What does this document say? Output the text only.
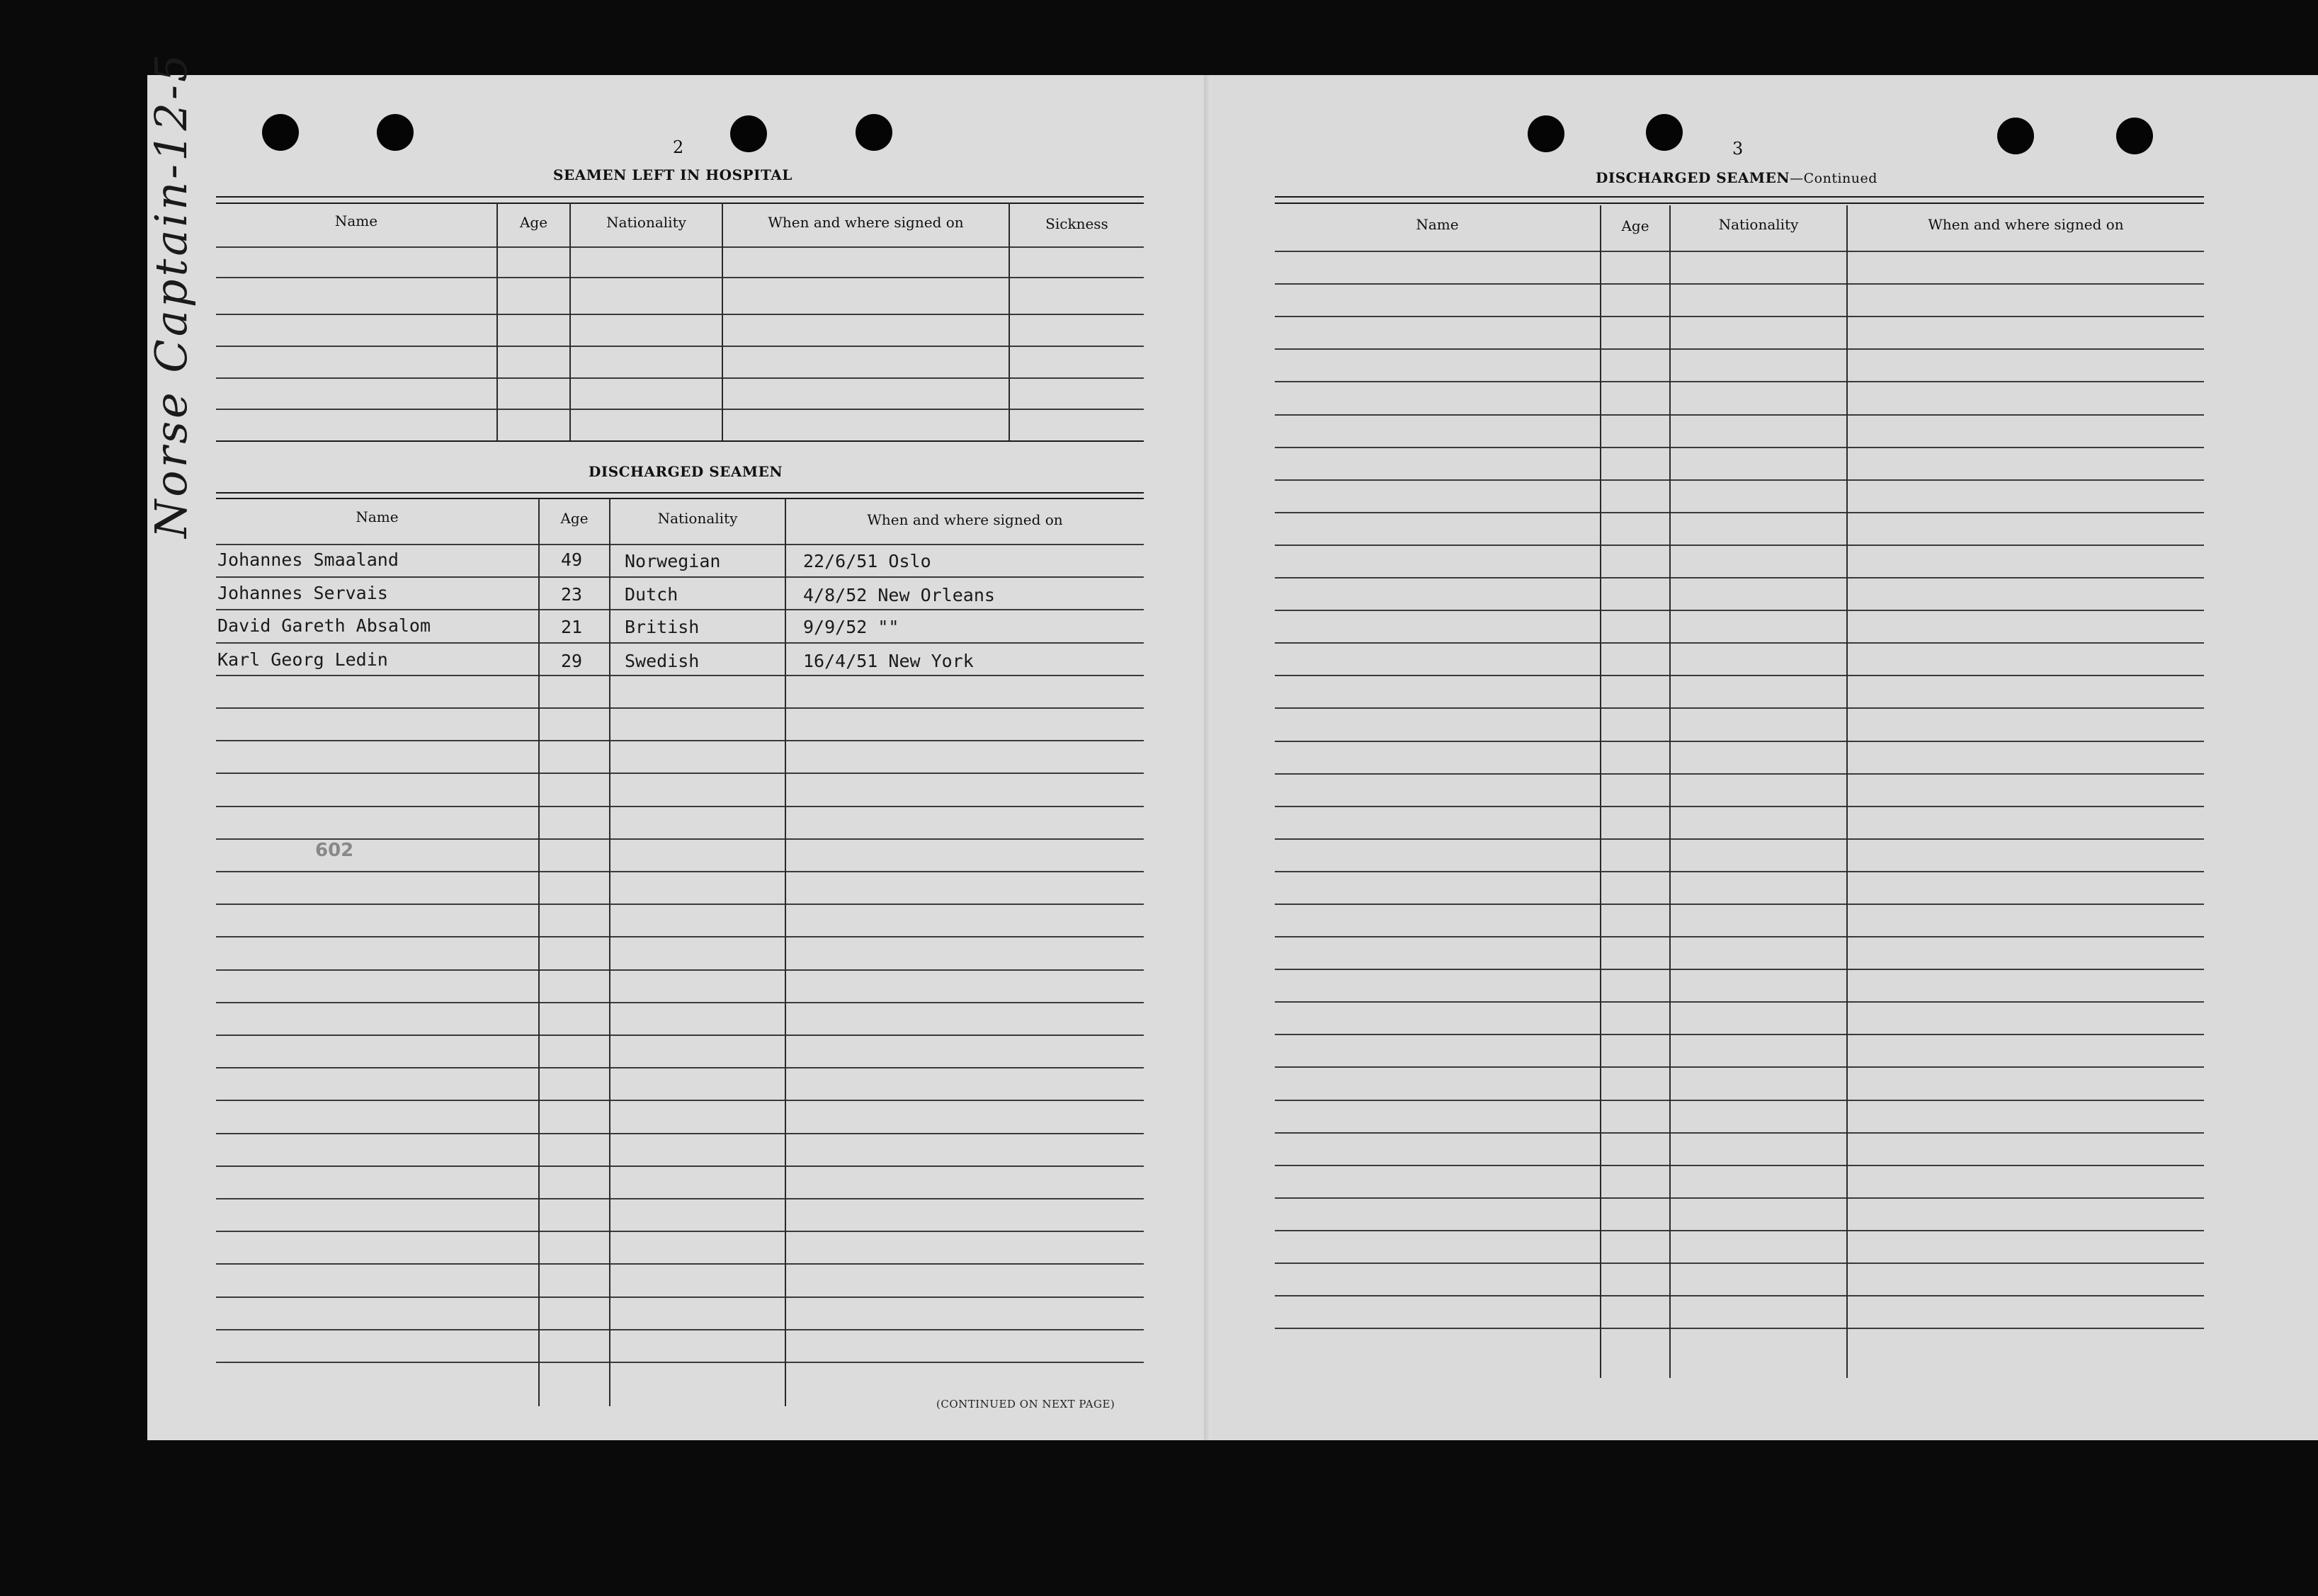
Norse Captain-12-5	2
SEAMEN LEFT IN HOSPITAL
Name	Age	Nationality	When and where signed on	Sickness
DISCHARGED SEAMEN
Name	Age	Nationality	When and where signed on
Johannes Smaaland	49 Norwegian	22/6/51 Oslo
Johannes Servais	23 Dutch	4/8/52 New Orleans
David Gareth Absalom	21 British	9/9/52 ""
Karl Georg Ledin	29 Swedish	16/4/51 New York
602
(CONTINUED ON NEXT PAGE)
3
DISCHARGED SEAMEN—Continued
Name	Age	Nationality	When and where signed on
